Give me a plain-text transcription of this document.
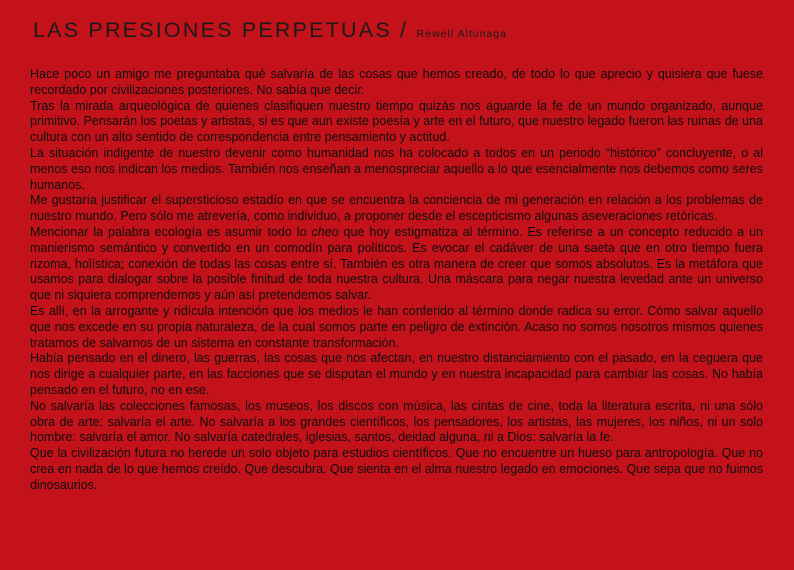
LAS PRESIONES PERPETUAS / Rewell Altunaga

Hace poco un amigo me preguntaba qué salvaría de las cosas que hemos creado, de todo lo que aprecio y quisiera que fuese recordado por civilizaciones posteriores. No sabía que decir.

Tras la mirada arqueológica de quienes clasifiquen nuestro tiempo quizás nos aguarde la fe de un mundo organizado, aunque primitivo. Pensarán los poetas y artistas, si es que aun existe poesía y arte en el futuro, que nuestro legado fueron las ruinas de una cultura con un alto sentido de correspondencia entre pensamiento y actitud.

La situación indigente de nuestro devenir como humanidad nos ha colocado a todos en un periodo “histórico” concluyente, o al menos eso nos indican los medios. También nos enseñan a menospreciar aquello a lo que esencialmente nos debemos como seres humanos.

Me gustaría justificar el supersticioso estadío en que se encuentra la conciencia de mi generación en relación a los problemas de nuestro mundo. Pero sólo me atrevería, como individuo, a proponer desde el escepticismo algunas aseveraciones retóricas.

Mencionar la palabra ecología es asumir todo lo cheo que hoy estigmatiza al término. Es referirse a un concepto reducido a un manierismo semántico y convertido en un comodín para políticos. Es evocar el cadáver de una saeta que en otro tiempo fuera rizoma, holística; conexión de todas las cosas entre sí. También es otra manera de creer que somos absolutos. Es la metáfora que usamos para dialogar sobre la posible finitud de toda nuestra cultura. Una máscara para negar nuestra levedad ante un universo que ni siquiera comprendemos y aún así pretendemos salvar.

Es allí, en la arrogante y ridícula intención que los medios le han conferido al término donde radica su error. Cómo salvar aquello que nos excede en su propia naturaleza, de la cual somos parte en peligro de extinción. Acaso no somos nosotros mismos quienes tratamos de salvarnos de un sistema en constante transformación.

Había pensado en el dinero, las guerras, las cosas que nos afectan, en nuestro distanciamiento con el pasado, en la ceguera que nos dirige a cualquier parte, en las facciones que se disputan el mundo y en nuestra incapacidad para cambiar las cosas. No había pensado en el futuro, no en ese.

No salvaría las colecciones famosas, los museos, los discos con música, las cintas de cine, toda la literatura escrita, ni una sólo obra de arte: salvaría el arte. No salvaría a los grandes científicos, los pensadores, los artistas, las mujeres, los niños, ni un solo hombre: salvaría el amor. No salvaría catedrales, iglesias, santos, deidad alguna, ni a Dios: salvaría la fe.

Que la civilización futura no herede un solo objeto para estudios científicos. Que no encuentre un hueso para antropología. Que no crea en nada de lo que hemos creído. Que descubra. Que sienta en el alma nuestro legado en emociones. Que sepa que no fuimos dinosaurios.
